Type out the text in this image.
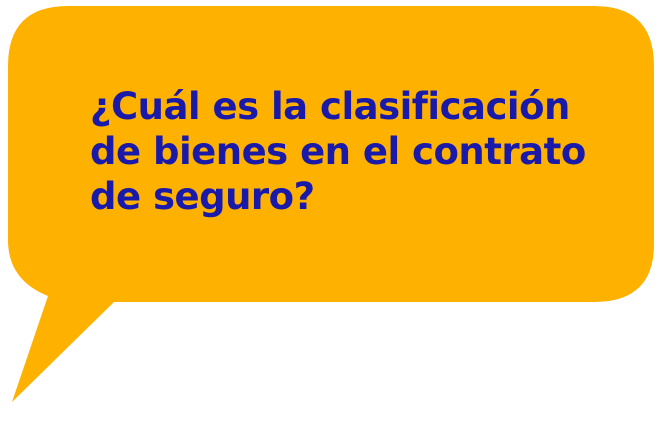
¿Cuál es la clasificación
de bienes en el contrato
de seguro?
